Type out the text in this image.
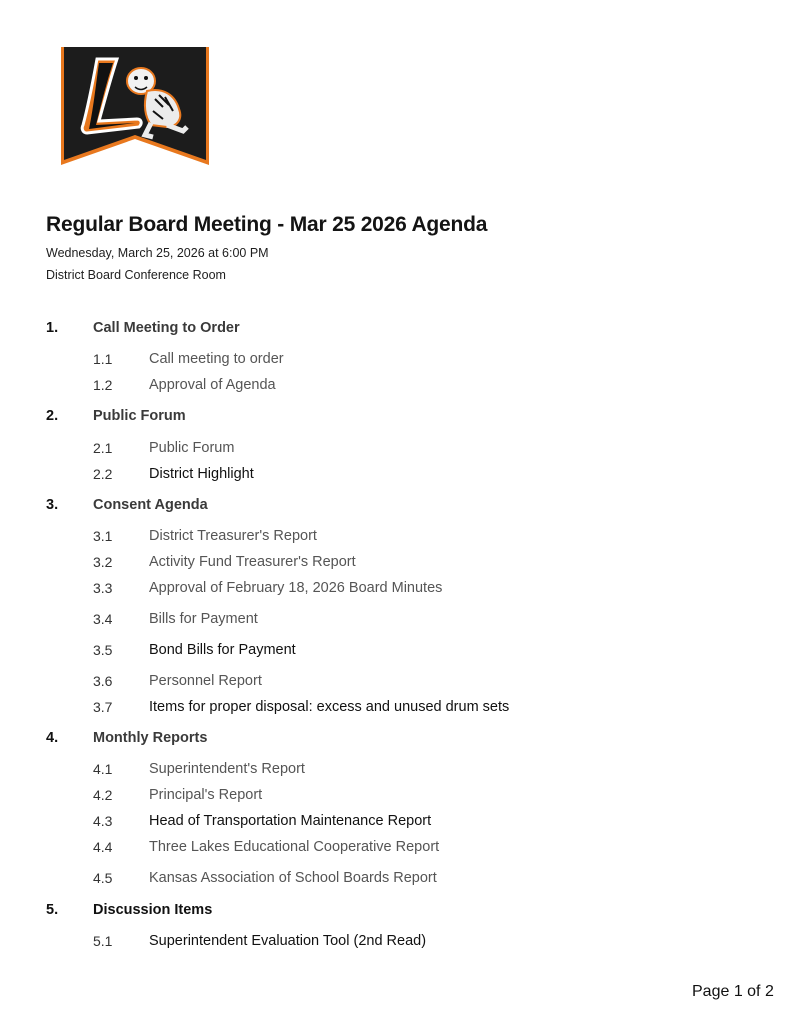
Regular Board Meeting - Mar 25 2026 Agenda
Wednesday, March 25, 2026 at 6:00 PM
District Board Conference Room
1. Call Meeting to Order
1.1	Call meeting to order
1.2	Approval of Agenda
2. Public Forum
2.1	Public Forum
2.2	District Highlight
3. Consent Agenda
3.1	District Treasurer's Report
3.2	Activity Fund Treasurer's Report
3.3	Approval of February 18, 2026 Board Minutes
3.4	Bills for Payment
3.5	Bond Bills for Payment
3.6	Personnel Report
3.7	Items for proper disposal: excess and unused drum sets
4. Monthly Reports
4.1	Superintendent's Report
4.2	Principal's Report
4.3	Head of Transportation Maintenance Report
4.4	Three Lakes Educational Cooperative Report
4.5	Kansas Association of School Boards Report
5. Discussion Items
5.1	Superintendent Evaluation Tool (2nd Read)
Page 1 of 2
